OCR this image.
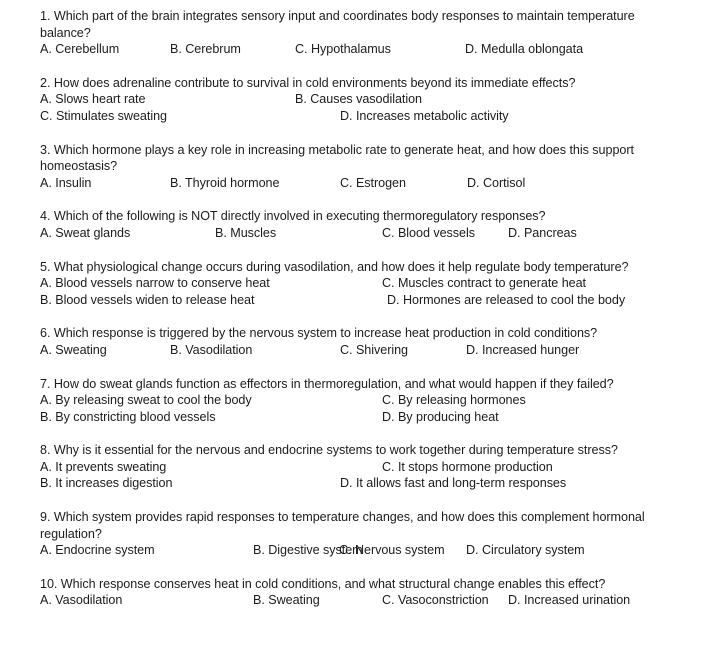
1. Which part of the brain integrates sensory input and coordinates body responses to maintain temperature balance?

A. Cerebellum	B. Cerebrum	C. Hypothalamus	D. Medulla oblongata

2. How does adrenaline contribute to survival in cold environments beyond its immediate effects?

A. Slows heart rate	B. Causes vasodilation
C. Stimulates sweating	D. Increases metabolic activity

3. Which hormone plays a key role in increasing metabolic rate to generate heat, and how does this support homeostasis?

A. Insulin	B. Thyroid hormone	C. Estrogen	D. Cortisol

4. Which of the following is NOT directly involved in executing thermoregulatory responses?

A. Sweat glands	B. Muscles	C. Blood vessels	D. Pancreas

5. What physiological change occurs during vasodilation, and how does it help regulate body temperature?

A. Blood vessels narrow to conserve heat	C. Muscles contract to generate heat
B. Blood vessels widen to release heat	D. Hormones are released to cool the body

6. Which response is triggered by the nervous system to increase heat production in cold conditions?

A. Sweating	B. Vasodilation	C. Shivering	D. Increased hunger

7. How do sweat glands function as effectors in thermoregulation, and what would happen if they failed?

A. By releasing sweat to cool the body	C. By releasing hormones
B. By constricting blood vessels	D. By producing heat

8. Why is it essential for the nervous and endocrine systems to work together during temperature stress?

A. It prevents sweating	C. It stops hormone production
B. It increases digestion	D. It allows fast and long-term responses

9. Which system provides rapid responses to temperature changes, and how does this complement hormonal regulation?

A. Endocrine system	B. Digestive system
C. Nervous system D. Circulatory system

10. Which response conserves heat in cold conditions, and what structural change enables this effect?

A. Vasodilation	B. Sweating	C. Vasoconstriction D. Increased urination
